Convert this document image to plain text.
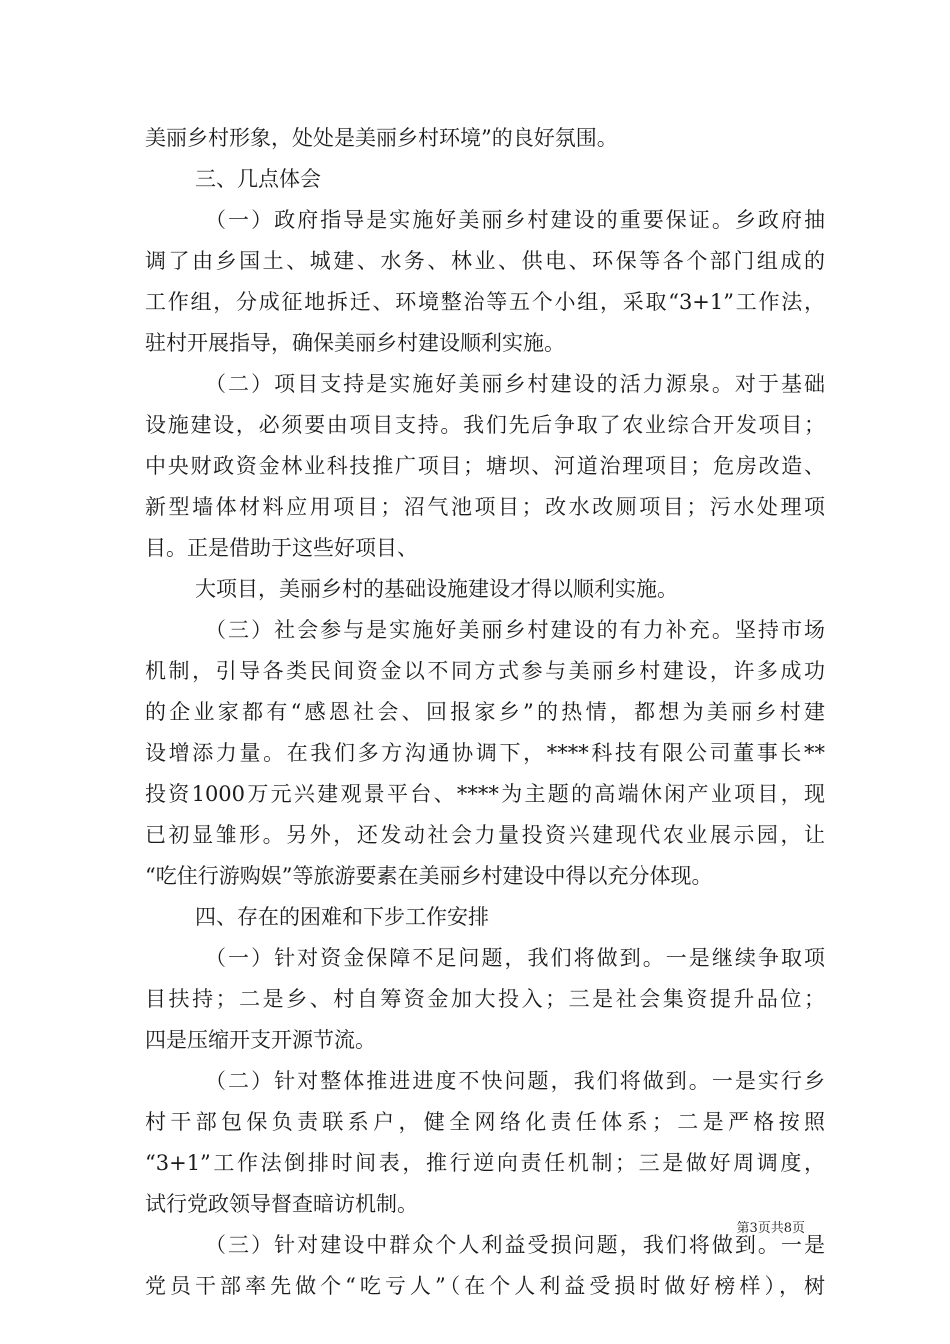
美丽乡村形象，处处是美丽乡村环境”的良好氛围。
三、几点体会
（一）政府指导是实施好美丽乡村建设的重要保证。乡政府抽
调了由乡国土、城建、水务、林业、供电、环保等各个部门组成的
工作组，分成征地拆迁、环境整治等五个小组，采取“3+1”工作法，
驻村开展指导，确保美丽乡村建设顺利实施。
（二）项目支持是实施好美丽乡村建设的活力源泉。对于基础
设施建设，必须要由项目支持。我们先后争取了农业综合开发项目；
中央财政资金林业科技推广项目；塘坝、河道治理项目；危房改造、
新型墙体材料应用项目；沼气池项目；改水改厕项目；污水处理项
目。正是借助于这些好项目、
大项目，美丽乡村的基础设施建设才得以顺利实施。
（三）社会参与是实施好美丽乡村建设的有力补充。坚持市场
机制，引导各类民间资金以不同方式参与美丽乡村建设，许多成功
的企业家都有“感恩社会、回报家乡”的热情，都想为美丽乡村建
设增添力量。在我们多方沟通协调下，****科技有限公司董事长**
投资1000万元兴建观景平台、****为主题的高端休闲产业项目，现
已初显雏形。另外，还发动社会力量投资兴建现代农业展示园，让
“吃住行游购娱”等旅游要素在美丽乡村建设中得以充分体现。
四、存在的困难和下步工作安排
（一）针对资金保障不足问题，我们将做到。一是继续争取项
目扶持；二是乡、村自筹资金加大投入；三是社会集资提升品位；
四是压缩开支开源节流。
（二）针对整体推进进度不快问题，我们将做到。一是实行乡
村干部包保负责联系户，健全网络化责任体系；二是严格按照
“3+1”工作法倒排时间表，推行逆向责任机制；三是做好周调度，
试行党政领导督查暗访机制。
（三）针对建设中群众个人利益受损问题，我们将做到。一是
党员干部率先做个“吃亏人”（在个人利益受损时做好榜样），树
第3页共8页
